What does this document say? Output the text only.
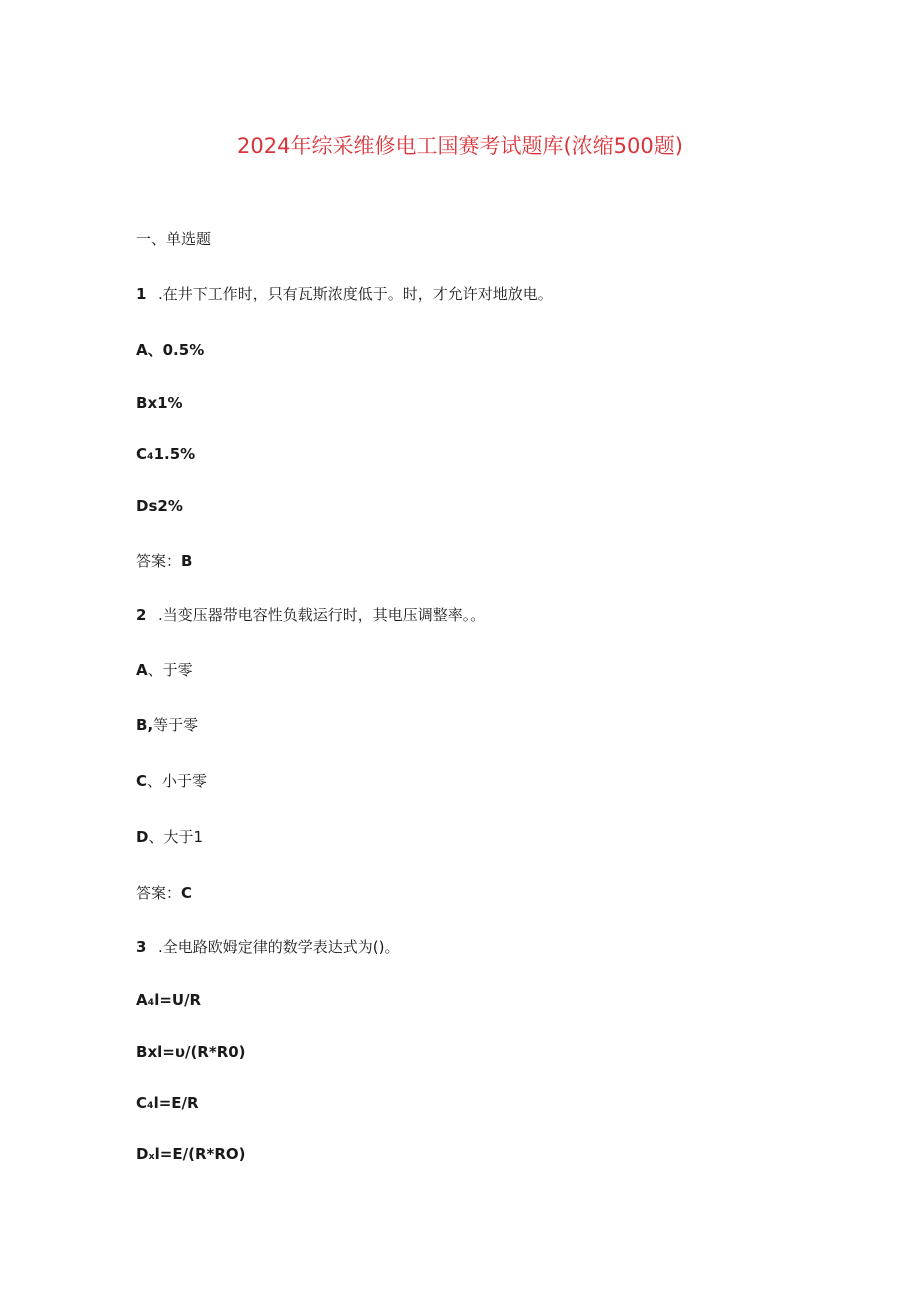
2024年综采维修电工国赛考试题库(浓缩500题)
一、单选题
1 .在井下工作时，只有瓦斯浓度低于。时，才允许对地放电。
A、0.5%
Bx1%
C₄1.5%
Ds2%
答案：B
2 .当变压器带电容性负载运行时，其电压调整率。。
A、于零
B,等于零
C、小于零
D、大于1
答案：C
3 .全电路欧姆定律的数学表达式为()。
A₄l=U/R
Bxl=υ/(R*R0)
C₄l=E/R
Dₓl=E/(R*RO)
